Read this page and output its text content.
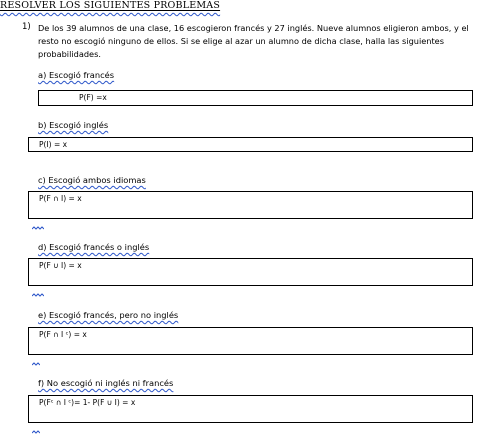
RESOLVER LOS SIGUIENTES PROBLEMAS
1) De los 39 alumnos de una clase, 16 escogieron francés y 27 inglés. Nueve alumnos eligieron ambos, y el resto no escogió ninguno de ellos. Si se elige al azar un alumno de dicha clase, halla las siguientes probabilidades.
a) Escogió francés
P(F) =x
b) Escogió inglés
P(I) = x
c) Escogió ambos idiomas
P(F ∩ I) = x
d) Escogió francés o inglés
P(F ∪ I) = x
e) Escogió francés, pero no inglés
P(F ∩ I ᶜ) = x
f) No escogió ni inglés ni francés
P(Fᶜ ∩ I ᶜ)= 1- P(F ∪ I) = x
